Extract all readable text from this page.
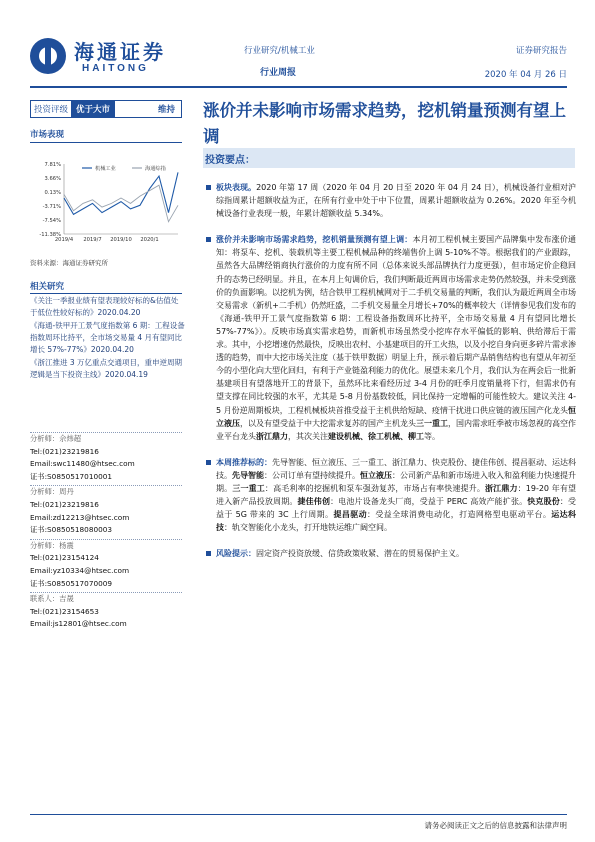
海通证券
HAITONG
行业研究/机械工业
行业周报
证券研究报告
2020 年 04 月 26 日
投资评级 优于大市	维持
市场表现
7.81%
3.66%
0.13%
-3.71%
-7.54%
-11.38%
2019/4 2019/7 2019/10 2020/1
机械工业	海通综指
资料来源：海通证券研究所
相关研究

《关注一季报业绩有望表现较好标的&估值处于低位性较好标的》2020.04.20

《海通-铁甲开工景气度指数第 6 期：工程设备指数周环比持平，全市场交易量 4 月有望同比增长 57%-77%》2020.04.20

《浙江推进 3 万亿重点交通项目，重申逆周期逻辑是当下投资主线》2020.04.19

分析师：佘炜超
Tel:(021)23219816
Email:swc11480@htsec.com
证书:S0850517010001
分析师：周丹
Tel:(021)23219816
Email:zd12213@htsec.com
证书:S0850518080003
分析师：杨震
Tel:(021)23154124
Email:yz10334@htsec.com
证书:S0850517070009
联系人：吉晟
Tel:(021)23154653
Email:js12801@htsec.com
涨价并未影响市场需求趋势，挖机销量预测有望上调
投资要点：
板块表现。2020 年第 17 周（2020 年 04 月 20 日至 2020 年 04 月 24 日），机械设备行业相对沪综指周累计超额收益为正，在所有行业中处于中下位置，周累计超额收益为 0.26%。2020 年至今机械设备行业表现一般，年累计超额收益 5.34%。
涨价并未影响市场需求趋势，挖机销量预测有望上调：本月初工程机械主要国产品牌集中发布涨价通知：将泵车、挖机、装载机等主要工程机械品种的终端售价上调 5-10%不等。根据我们的产业跟踪，虽然各大品牌经销商执行涨价的力度有所不同（总体来说头部品牌执行力度更强），但市场定价企稳回升的态势已经明显。并且，在本月上旬调价后，我们判断最近两周市场需求走势仍然较强，并未受到涨价的负面影响。以挖机为例，结合铁甲工程机械网对于二手机交易量的判断，我们认为最近两周全市场交易需求（新机+二手机）仍然旺盛，二手机交易量全月增长+70%的概率较大（详情参见我们发布的《海通-铁甲开工景气度指数第 6 期：工程设备指数周环比持平，全市场交易量 4 月有望同比增长 57%-77%》）。反映市场真实需求趋势，而新机市场虽然受小挖库存水平偏低的影响、供给滞后于需求。其中，小挖增速仍然最快，反映出农村、小基建项目的开工火热，以及小挖自身向更多碎片需求渗透的趋势，而中大挖市场关注度（基于铁甲数据）明显上升，预示着后期产品销售结构也有望从年初至今的小型化向大型化回归，有利于产业链盈利能力的优化。展望未来几个月，我们认为在两会后一批新基建项目有望落地开工的背景下，虽然环比来看经历过 3-4 月份的旺季月度销量将下行，但需求仍有望支撑在同比较强的水平，尤其是 5-8 月份基数较低，同比保持一定增幅的可能性较大。建议关注 4-5 月份逆周期板块，工程机械板块首推受益于主机供给短缺、疫情干扰进口供应链的液压国产化龙头恒立液压，以及有望受益于中大挖需求复苏的国产主机龙头三一重工，国内需求旺季被市场忽视的高空作业平台龙头浙江鼎力，其次关注建设机械、徐工机械、柳工等。
本周推荐标的：先导智能、恒立液压、三一重工、浙江鼎力、快克股份、捷佳伟创、提昌驱动、运达科技。先导智能：公司订单有望持续提升。恒立液压：公司新产品和新市场进入收入和盈利能力快速提升期。三一重工：高毛利率的挖掘机和泵车强劲复苏，市场占有率快速提升。浙江鼎力：19-20 年有望进入新产品投放周期。捷佳伟创：电池片设备龙头厂商，受益于 PERC 高效产能扩张。快克股份：受益于 5G 带来的 3C 上行周期。提昌驱动：受益全球消费电动化，打造网格型电驱动平台。运达科技：轨交智能化小龙头，打开地铁运维广阔空间。
风险提示：固定资产投资放缓、信贷政策收紧、潜在的贸易保护主义。
请务必阅读正文之后的信息披露和法律声明
